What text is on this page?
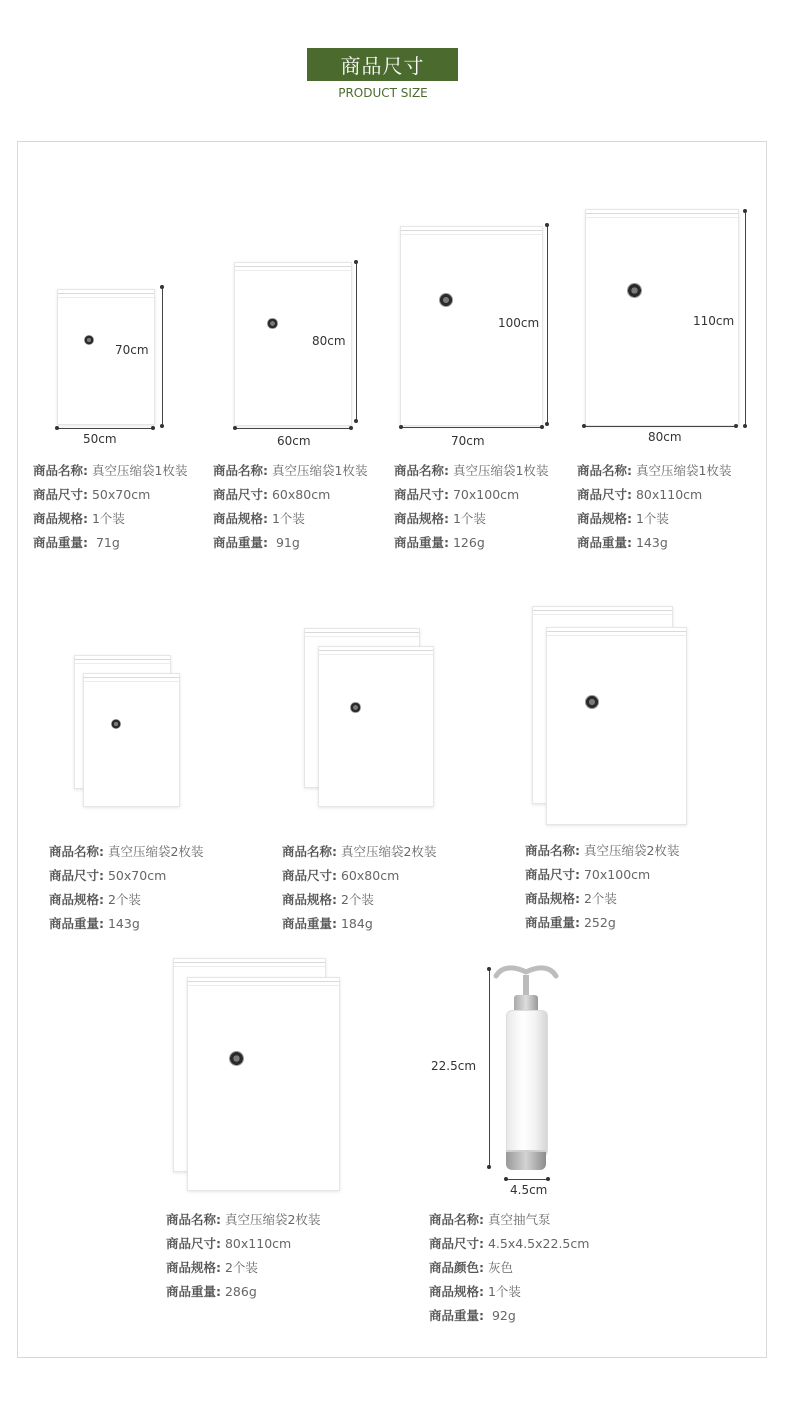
商品尺寸
PRODUCT SIZE
70cm
50cm
商品名称: 真空压缩袋1枚装
商品尺寸: 50x70cm
商品规格: 1个装
商品重量: 71g
80cm
60cm
商品名称: 真空压缩袋1枚装
商品尺寸: 60x80cm
商品规格: 1个装
商品重量: 91g
100cm
70cm
商品名称: 真空压缩袋1枚装
商品尺寸: 70x100cm
商品规格: 1个装
商品重量: 126g
110cm
80cm
商品名称: 真空压缩袋1枚装
商品尺寸: 80x110cm
商品规格: 1个装
商品重量: 143g
商品名称: 真空压缩袋2枚装
商品尺寸: 50x70cm
商品规格: 2个装
商品重量: 143g
商品名称: 真空压缩袋2枚装
商品尺寸: 60x80cm
商品规格: 2个装
商品重量: 184g
商品名称: 真空压缩袋2枚装
商品尺寸: 70x100cm
商品规格: 2个装
商品重量: 252g
商品名称: 真空压缩袋2枚装
商品尺寸: 80x110cm
商品规格: 2个装
商品重量: 286g
22.5cm
4.5cm
商品名称: 真空抽气泵
商品尺寸: 4.5x4.5x22.5cm
商品颜色: 灰色
商品规格: 1个装
商品重量: 92g
